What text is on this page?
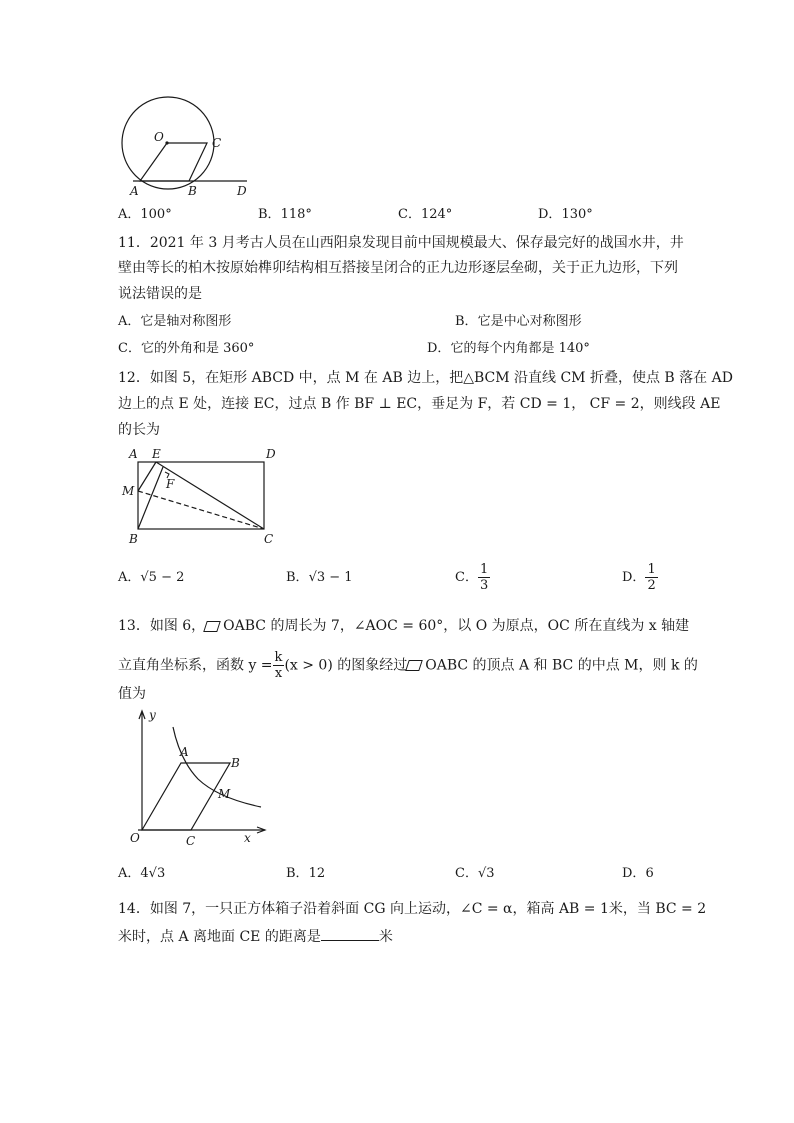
O	C
A	B	D
A．100°	B．118°	C．124°	D．130°
11．2021 年 3 月考古人员在山西阳泉发现目前中国规模最大、保存最完好的战国水井，井
壁由等长的柏木按原始榫卯结构相互搭接呈闭合的正九边形逐层垒砌，关于正九边形，下列
说法错误的是
A．它是轴对称图形	B．它是中心对称图形
C．它的外角和是 360°	D．它的每个内角都是 140°
12．如图 5，在矩形 ABCD 中，点 M 在 AB 边上，把△BCM 沿直线 CM 折叠，使点 B 落在 AD
边上的点 E 处，连接 EC，过点 B 作 BF ⊥ EC，垂足为 F，若 CD = 1， CF = 2，则线段 AE
的长为
A E	D
M	F
B	C
A．√5 − 2	B．√3 − 1	C． $\frac{1}{3}$	D． $\frac{1}{2}$
13．如图 6， OABC 的周长为 7，∠AOC = 60°，以 O 为原点，OC 所在直线为 x 轴建
立直角坐标系，函数 $y = \frac{k}{x} (x > 0)$ 的图象经过 OABC 的顶点 A 和 BC 的中点 M，则 k 的
值为
y
x
O
A
B
C
M
A．4√3	B．12	C．√3	D．6
14．如图 7，一只正方体箱子沿着斜面 CG 向上运动，∠C = α，箱高 AB = 1米，当 BC = 2
米时，点 A 离地面 CE 的距离是	米
